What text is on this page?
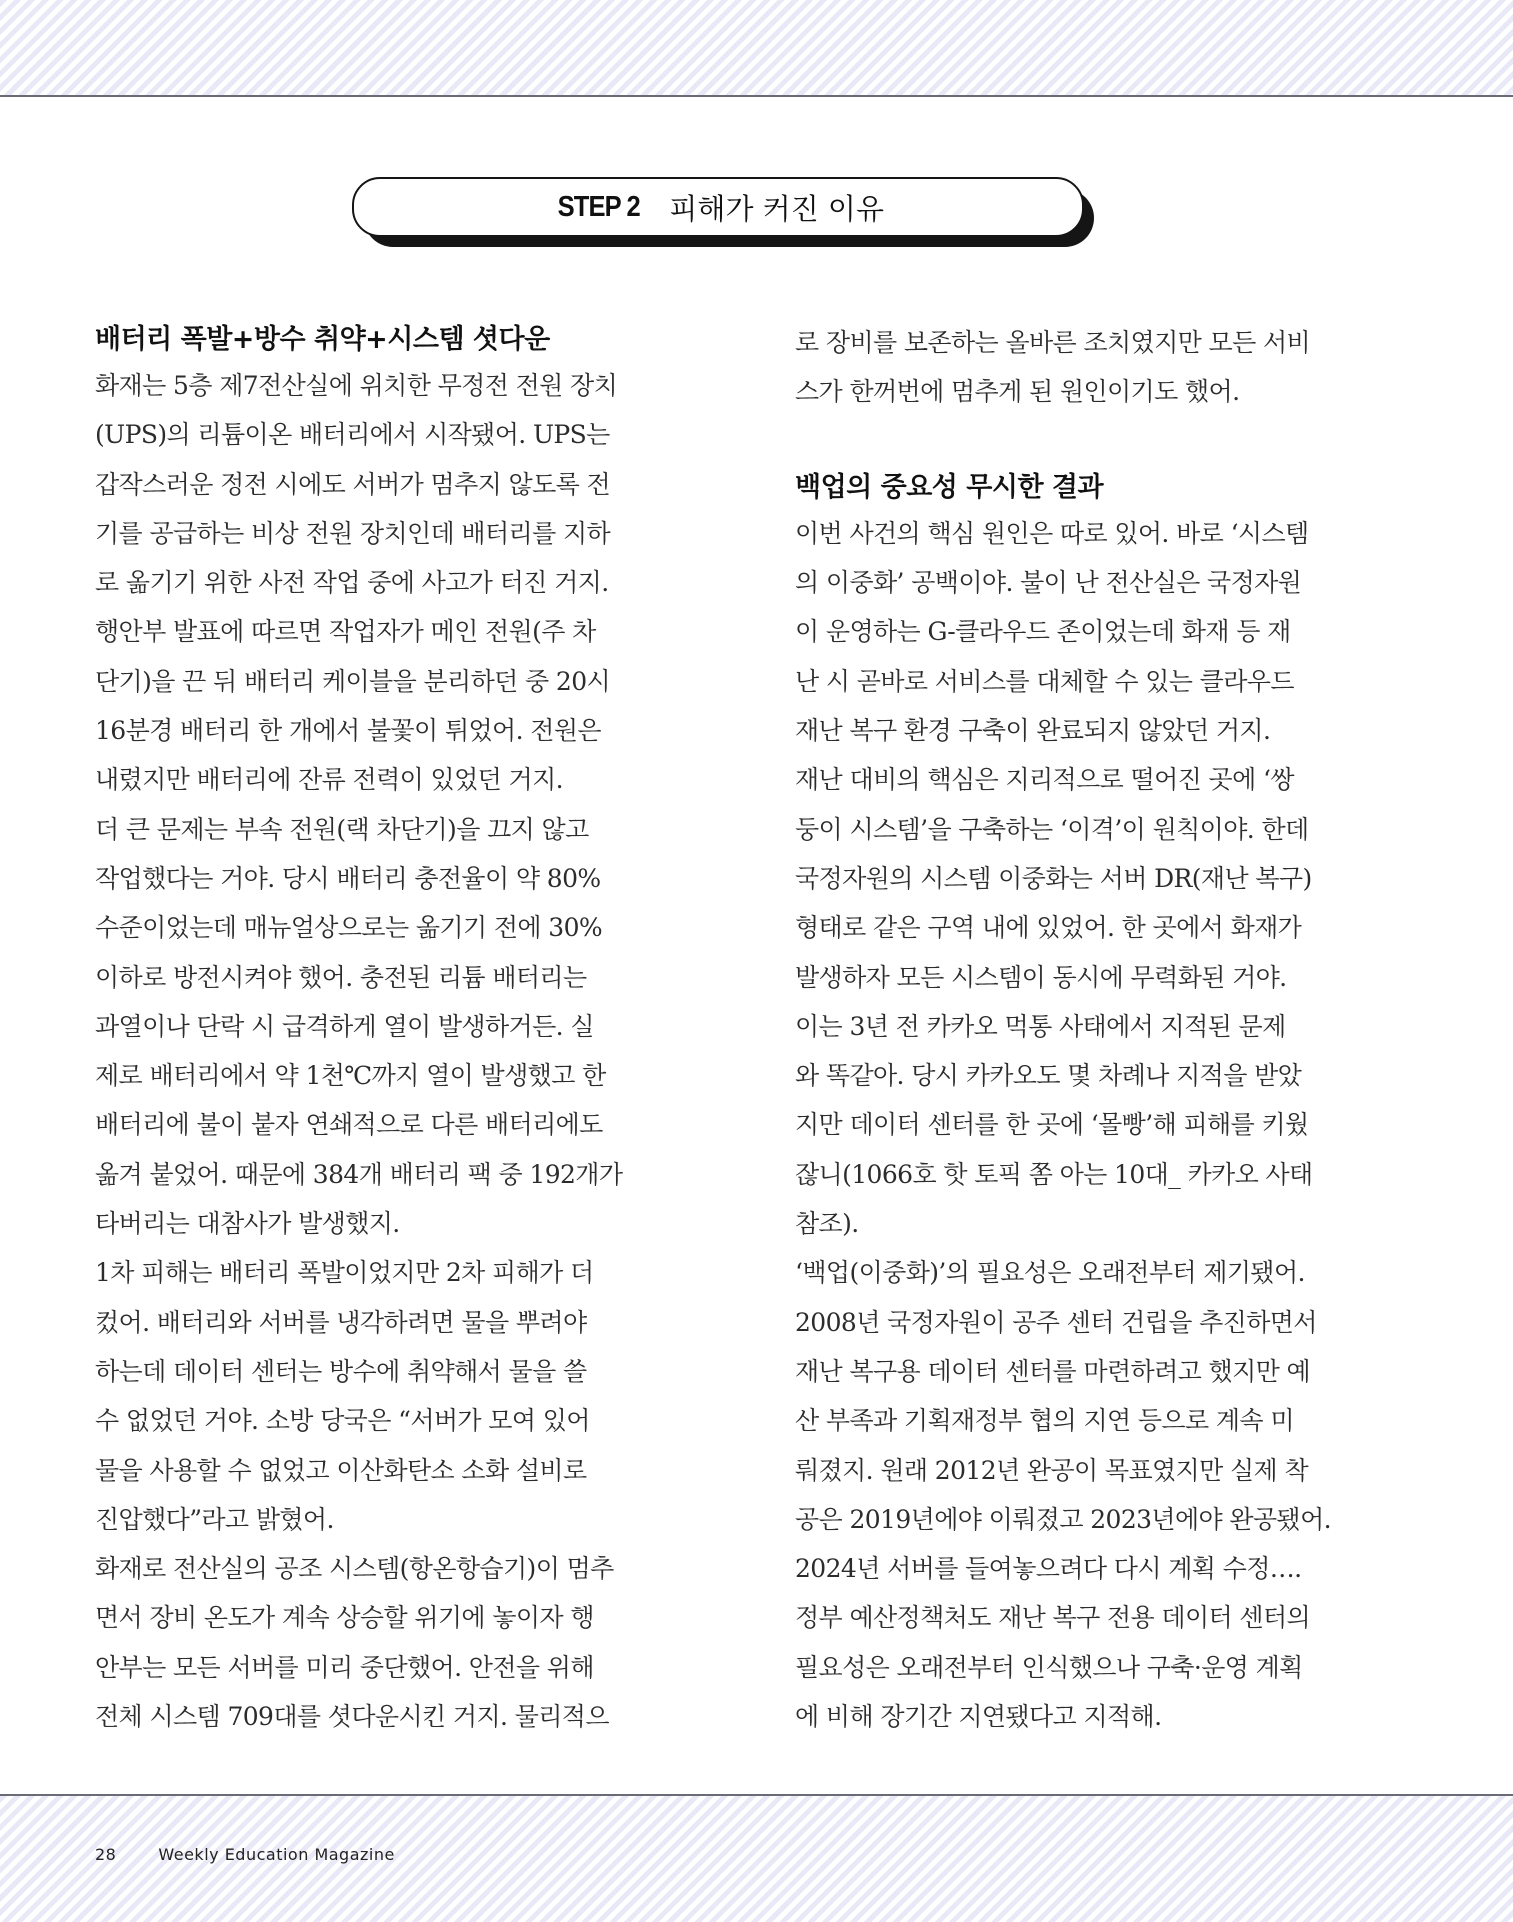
STEP 2 피해가 커진 이유
배터리 폭발+방수 취약+시스템 셧다운
화재는 5층 제7전산실에 위치한 무정전 전원 장치
(UPS)의 리튬이온 배터리에서 시작됐어. UPS는
갑작스러운 정전 시에도 서버가 멈추지 않도록 전
기를 공급하는 비상 전원 장치인데 배터리를 지하
로 옮기기 위한 사전 작업 중에 사고가 터진 거지.
행안부 발표에 따르면 작업자가 메인 전원(주 차
단기)을 끈 뒤 배터리 케이블을 분리하던 중 20시
16분경 배터리 한 개에서 불꽃이 튀었어. 전원은
내렸지만 배터리에 잔류 전력이 있었던 거지.
더 큰 문제는 부속 전원(랙 차단기)을 끄지 않고
작업했다는 거야. 당시 배터리 충전율이 약 80%
수준이었는데 매뉴얼상으로는 옮기기 전에 30%
이하로 방전시켜야 했어. 충전된 리튬 배터리는
과열이나 단락 시 급격하게 열이 발생하거든. 실
제로 배터리에서 약 1천℃까지 열이 발생했고 한
배터리에 불이 붙자 연쇄적으로 다른 배터리에도
옮겨 붙었어. 때문에 384개 배터리 팩 중 192개가
타버리는 대참사가 발생했지.
1차 피해는 배터리 폭발이었지만 2차 피해가 더
컸어. 배터리와 서버를 냉각하려면 물을 뿌려야
하는데 데이터 센터는 방수에 취약해서 물을 쓸
수 없었던 거야. 소방 당국은 “서버가 모여 있어
물을 사용할 수 없었고 이산화탄소 소화 설비로
진압했다”라고 밝혔어.
화재로 전산실의 공조 시스템(항온항습기)이 멈추
면서 장비 온도가 계속 상승할 위기에 놓이자 행
안부는 모든 서버를 미리 중단했어. 안전을 위해
전체 시스템 709대를 셧다운시킨 거지. 물리적으
로 장비를 보존하는 올바른 조치였지만 모든 서비
스가 한꺼번에 멈추게 된 원인이기도 했어.
백업의 중요성 무시한 결과
이번 사건의 핵심 원인은 따로 있어. 바로 ‘시스템
의 이중화’ 공백이야. 불이 난 전산실은 국정자원
이 운영하는 G-클라우드 존이었는데 화재 등 재
난 시 곧바로 서비스를 대체할 수 있는 클라우드
재난 복구 환경 구축이 완료되지 않았던 거지.
재난 대비의 핵심은 지리적으로 떨어진 곳에 ‘쌍
둥이 시스템’을 구축하는 ‘이격’이 원칙이야. 한데
국정자원의 시스템 이중화는 서버 DR(재난 복구)
형태로 같은 구역 내에 있었어. 한 곳에서 화재가
발생하자 모든 시스템이 동시에 무력화된 거야.
이는 3년 전 카카오 먹통 사태에서 지적된 문제
와 똑같아. 당시 카카오도 몇 차례나 지적을 받았
지만 데이터 센터를 한 곳에 ‘몰빵’해 피해를 키웠
잖니(1066호 핫 토픽 쫌 아는 10대_ 카카오 사태
참조).
‘백업(이중화)’의 필요성은 오래전부터 제기됐어.
2008년 국정자원이 공주 센터 건립을 추진하면서
재난 복구용 데이터 센터를 마련하려고 했지만 예
산 부족과 기획재정부 협의 지연 등으로 계속 미
뤄졌지. 원래 2012년 완공이 목표였지만 실제 착
공은 2019년에야 이뤄졌고 2023년에야 완공됐어.
2024년 서버를 들여놓으려다 다시 계획 수정….
정부 예산정책처도 재난 복구 전용 데이터 센터의
필요성은 오래전부터 인식했으나 구축·운영 계획
에 비해 장기간 지연됐다고 지적해.
28	Weekly Education Magazine
